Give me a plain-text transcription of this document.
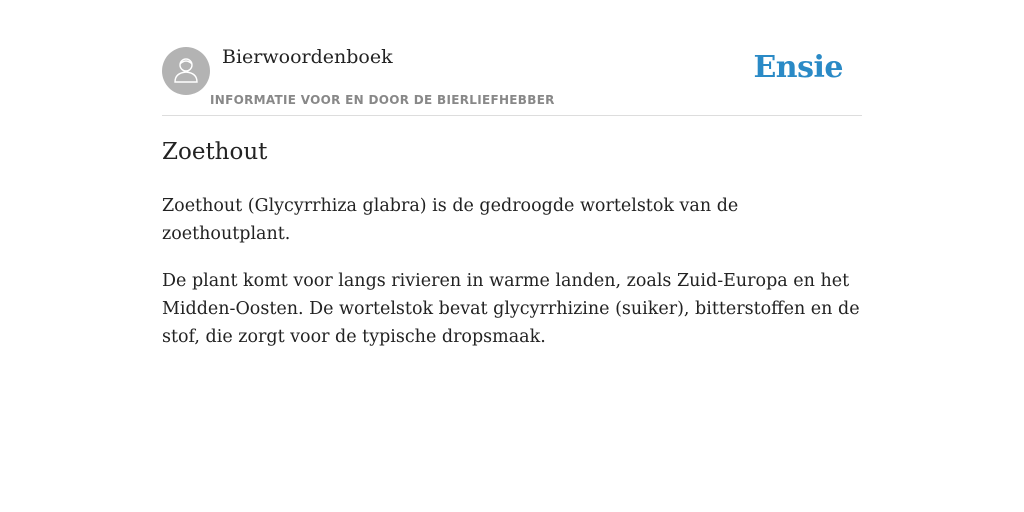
Bierwoordenboek
INFORMATIE VOOR EN DOOR DE BIERLIEFHEBBER
Ensie
Zoethout

Zoethout (Glycyrrhiza glabra) is de gedroogde wortelstok van de zoethoutplant.

De plant komt voor langs rivieren in warme landen, zoals Zuid-Europa en het Midden-Oosten. De wortelstok bevat glycyrrhizine (suiker), bitterstoffen en de stof, die zorgt voor de typische dropsmaak.
